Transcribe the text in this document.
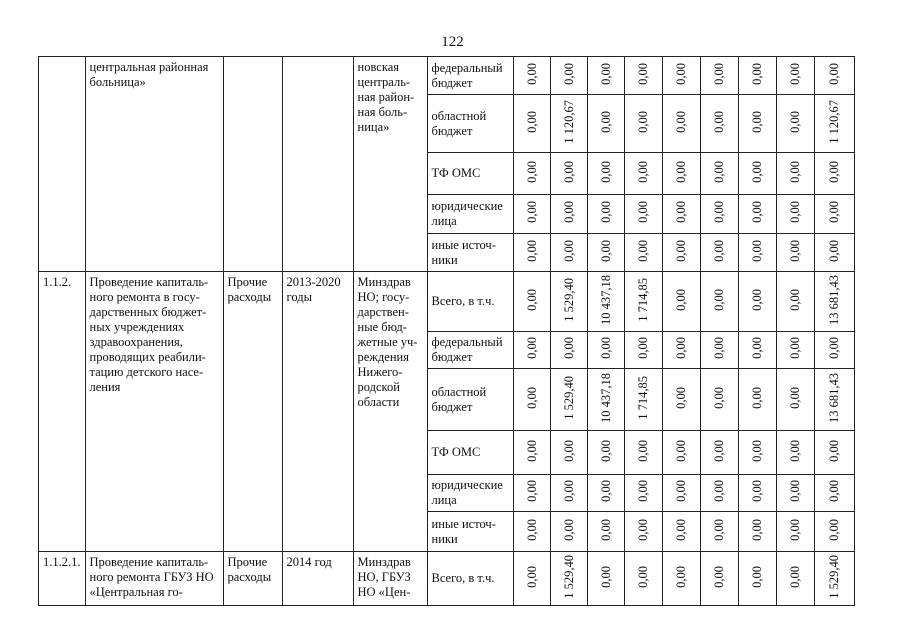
122
	центральная районная больница»			новская централь-ная район-ная боль-ница»	федеральный бюджет	0,00	0,00	0,00	0,00	0,00	0,00	0,00	0,00	0,00
					областной бюджет	0,00	1 120,67	0,00	0,00	0,00	0,00	0,00	0,00	1 120,67
					ТФ ОМС	0,00	0,00	0,00	0,00	0,00	0,00	0,00	0,00	0,00
					юридические лица	0,00	0,00	0,00	0,00	0,00	0,00	0,00	0,00	0,00
					иные источ-ники	0,00	0,00	0,00	0,00	0,00	0,00	0,00	0,00	0,00
1.1.2.	Проведение капиталь-ного ремонта в госу-дарственных бюджет-ных учреждениях здравоохранения, проводящих реабили-тацию детского насе-ления	Прочие расходы	2013-2020 годы	Минздрав НО; госу-дарствен-ные бюд-жетные уч-реждения Нижего-родской области	Всего, в т.ч.	0,00	1 529,40	10 437,18	1 714,85	0,00	0,00	0,00	0,00	13 681,43
					федеральный бюджет	0,00	0,00	0,00	0,00	0,00	0,00	0,00	0,00	0,00
					областной бюджет	0,00	1 529,40	10 437,18	1 714,85	0,00	0,00	0,00	0,00	13 681,43
					ТФ ОМС	0,00	0,00	0,00	0,00	0,00	0,00	0,00	0,00	0,00
					юридические лица	0,00	0,00	0,00	0,00	0,00	0,00	0,00	0,00	0,00
					иные источ-ники	0,00	0,00	0,00	0,00	0,00	0,00	0,00	0,00	0,00
1.1.2.1.	Проведение капиталь-ного ремонта ГБУЗ НО «Центральная го-	Прочие расходы	2014 год	Минздрав НО, ГБУЗ НО «Цен-	Всего, в т.ч.	0,00	1 529,40	0,00	0,00	0,00	0,00	0,00	0,00	1 529,40
